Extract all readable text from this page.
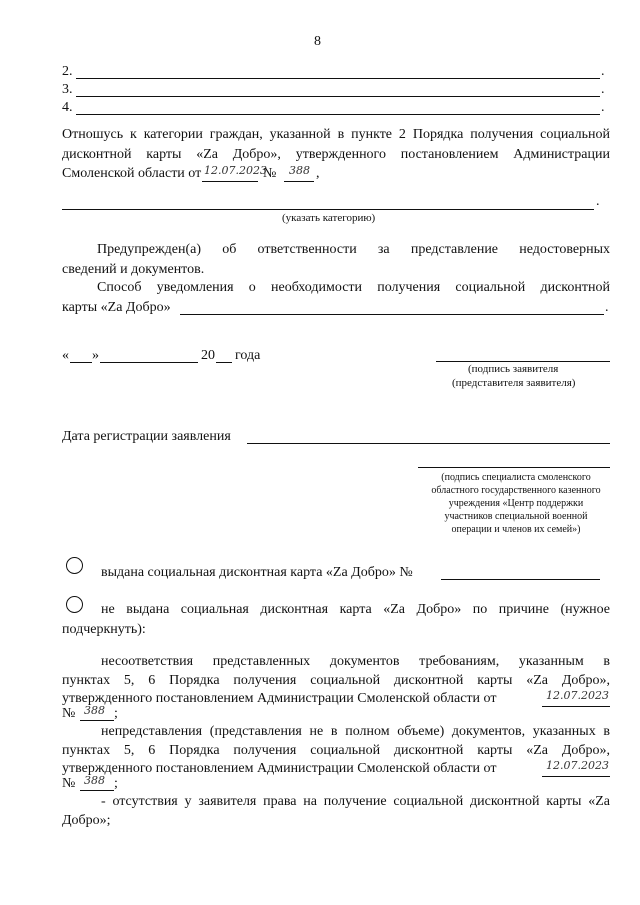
8
2.	.
3.	.
4.	.
Отношусь к категории граждан, указанной в пункте 2 Порядка получения социальной
дисконтной карты «Za Добро», утвержденного постановлением Администрации
Смоленской области от 12.07.2023
№ 388 ,
.
(указать категорию)
Предупрежден(а) об ответственности за представление недостоверных
сведений и документов.
Способ уведомления о необходимости получения социальной дисконтной
карты «Za Добро»	.
« »	20 года
(подпись заявителя
(представителя заявителя)
Дата регистрации заявления
(подпись специалиста смоленского
областного государственного казенного
учреждения «Центр поддержки
участников специальной военной
операции и членов их семей»)
выдана социальная дисконтная карта «Za Добро» №
не выдана социальная дисконтная карта «Za Добро» по причине (нужное
подчеркнуть):
несоответствия представленных документов требованиям, указанным в
пунктах 5, 6 Порядка получения социальной дисконтной карты «Za Добро»,
утвержденного постановлением Администрации Смоленской области от	12.07.2023
№ 388 ;
непредставления (представления не в полном объеме) документов, указанных в
пунктах 5, 6 Порядка получения социальной дисконтной карты «Za Добро»,
утвержденного постановлением Администрации Смоленской области от	12.07.2023
№ 388 ;
- отсутствия у заявителя права на получение социальной дисконтной карты «Za
Добро»;
